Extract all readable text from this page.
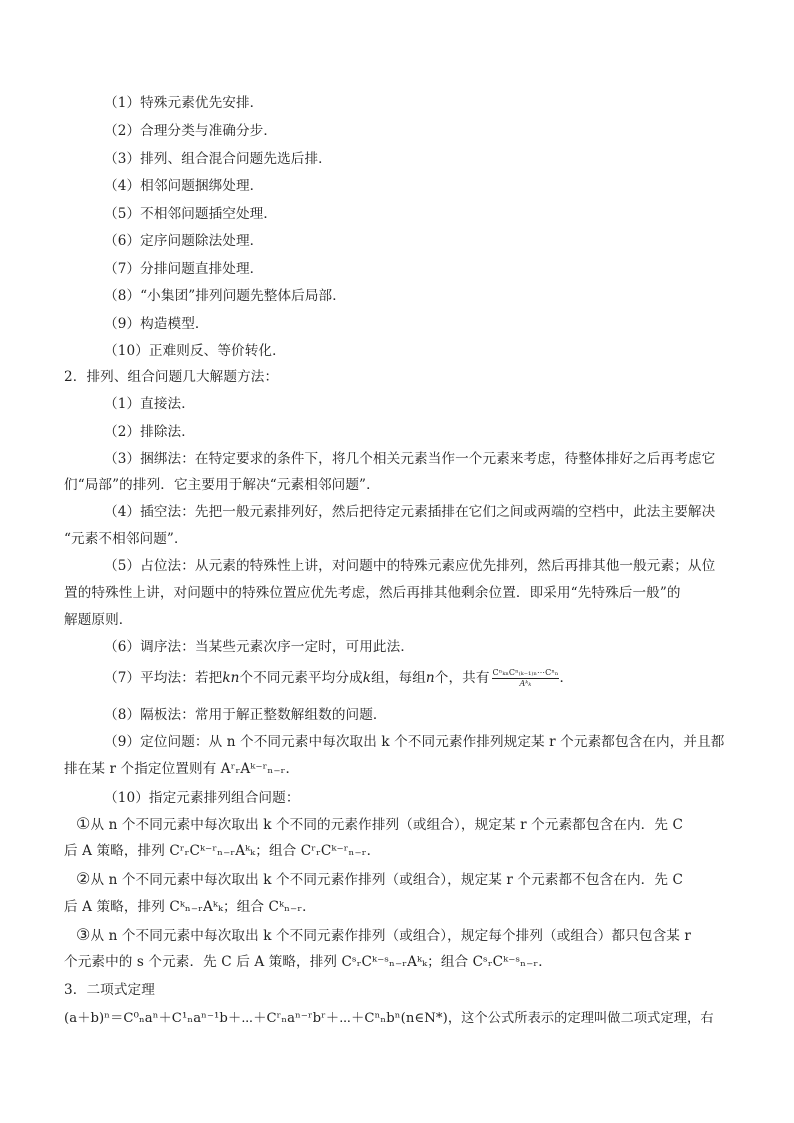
（1）特殊元素优先安排．
（2）合理分类与准确分步．
（3）排列、组合混合问题先选后排．
（4）相邻问题捆绑处理．
（5）不相邻问题插空处理．
（6）定序问题除法处理．
（7）分排问题直排处理．
（8）“小集团”排列问题先整体后局部．
（9）构造模型．
（10）正难则反、等价转化．
2．排列、组合问题几大解题方法：
（1）直接法．
（2）排除法．
（3）捆绑法：在特定要求的条件下，将几个相关元素当作一个元素来考虑，待整体排好之后再考虑它
们“局部”的排列．它主要用于解决“元素相邻问题”．
（4）插空法：先把一般元素排列好，然后把待定元素插排在它们之间或两端的空档中，此法主要解决
“元素不相邻问题”．
（5）占位法：从元素的特殊性上讲，对问题中的特殊元素应优先排列，然后再排其他一般元素；从位
置的特殊性上讲，对问题中的特殊位置应优先考虑，然后再排其他剩余位置．即采用“先特殊后一般”的
解题原则．
（6）调序法：当某些元素次序一定时，可用此法．
（7）平均法：若把kn个不同元素平均分成k组，每组n个，共有 $\frac{\text{CⁿₖₙCⁿ₍ₖ₋₁₎ₙ⋯Cⁿₙ}}{\text{Aᵏₖ}}$ ．
（8）隔板法：常用于解正整数解组数的问题．
（9）定位问题：从 n 个不同元素中每次取出 k 个不同元素作排列规定某 r 个元素都包含在内，并且都
排在某 r 个指定位置则有 AʳᵣAᵏ⁻ʳₙ₋ᵣ．
（10）指定元素排列组合问题：
①从 n 个不同元素中每次取出 k 个不同的元素作排列（或组合），规定某 r 个元素都包含在内．先 C
后 A 策略，排列 CʳᵣCᵏ⁻ʳₙ₋ᵣAᵏₖ；组合 CʳᵣCᵏ⁻ʳₙ₋ᵣ．
②从 n 个不同元素中每次取出 k 个不同元素作排列（或组合），规定某 r 个元素都不包含在内．先 C
后 A 策略，排列 Cᵏₙ₋ᵣAᵏₖ；组合 Cᵏₙ₋ᵣ．
③从 n 个不同元素中每次取出 k 个不同元素作排列（或组合），规定每个排列（或组合）都只包含某 r
个元素中的 s 个元素．先 C 后 A 策略，排列 CˢᵣCᵏ⁻ˢₙ₋ᵣAᵏₖ；组合 CˢᵣCᵏ⁻ˢₙ₋ᵣ．
3．二项式定理
(a＋b)ⁿ＝C⁰ₙaⁿ＋C¹ₙaⁿ⁻¹b＋⋯＋Cʳₙaⁿ⁻ʳbʳ＋⋯＋Cⁿₙbⁿ(n∈N*)，这个公式所表示的定理叫做二项式定理，右
